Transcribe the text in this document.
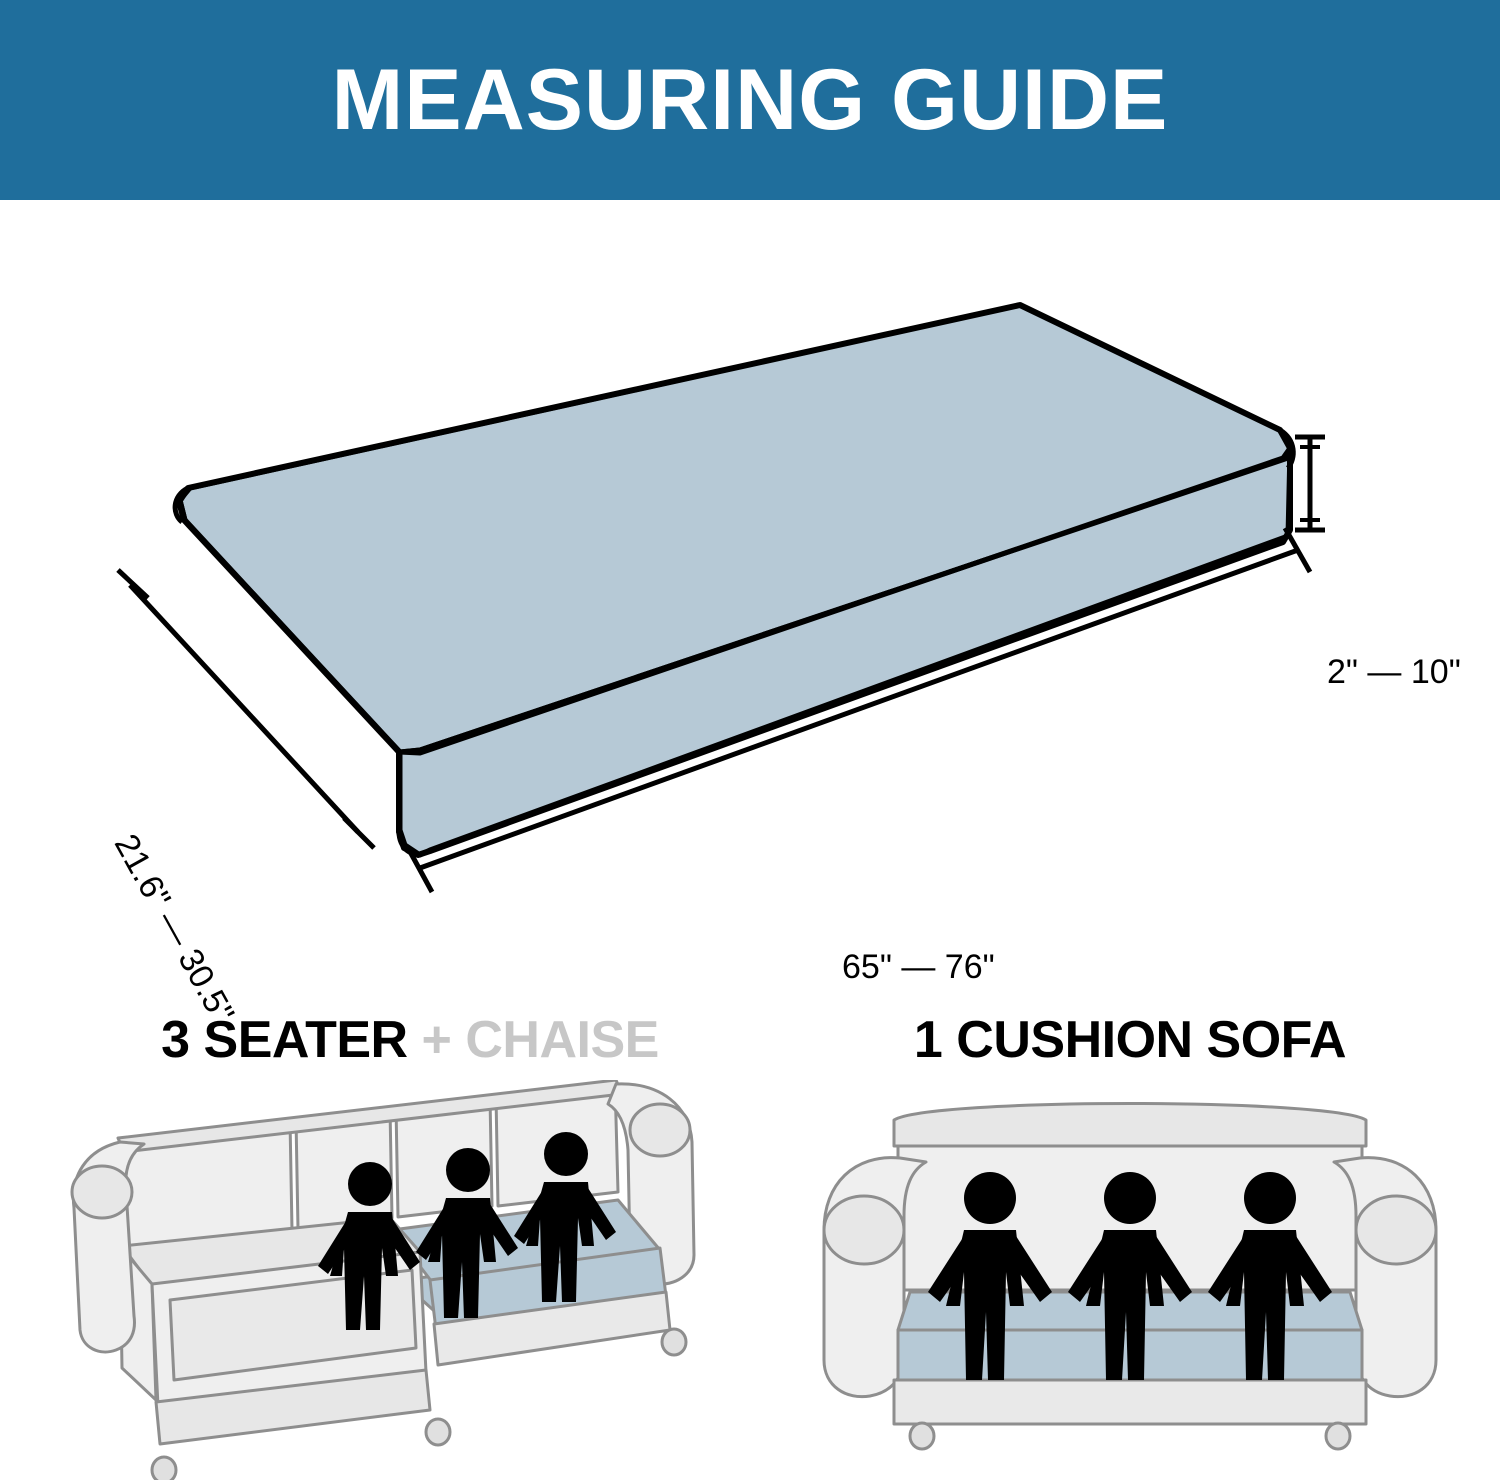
MEASURING GUIDE
21.6" — 30.5"	65" — 76"
2" — 10"
3 SEATER + CHAISE	1 CUSHION SOFA
